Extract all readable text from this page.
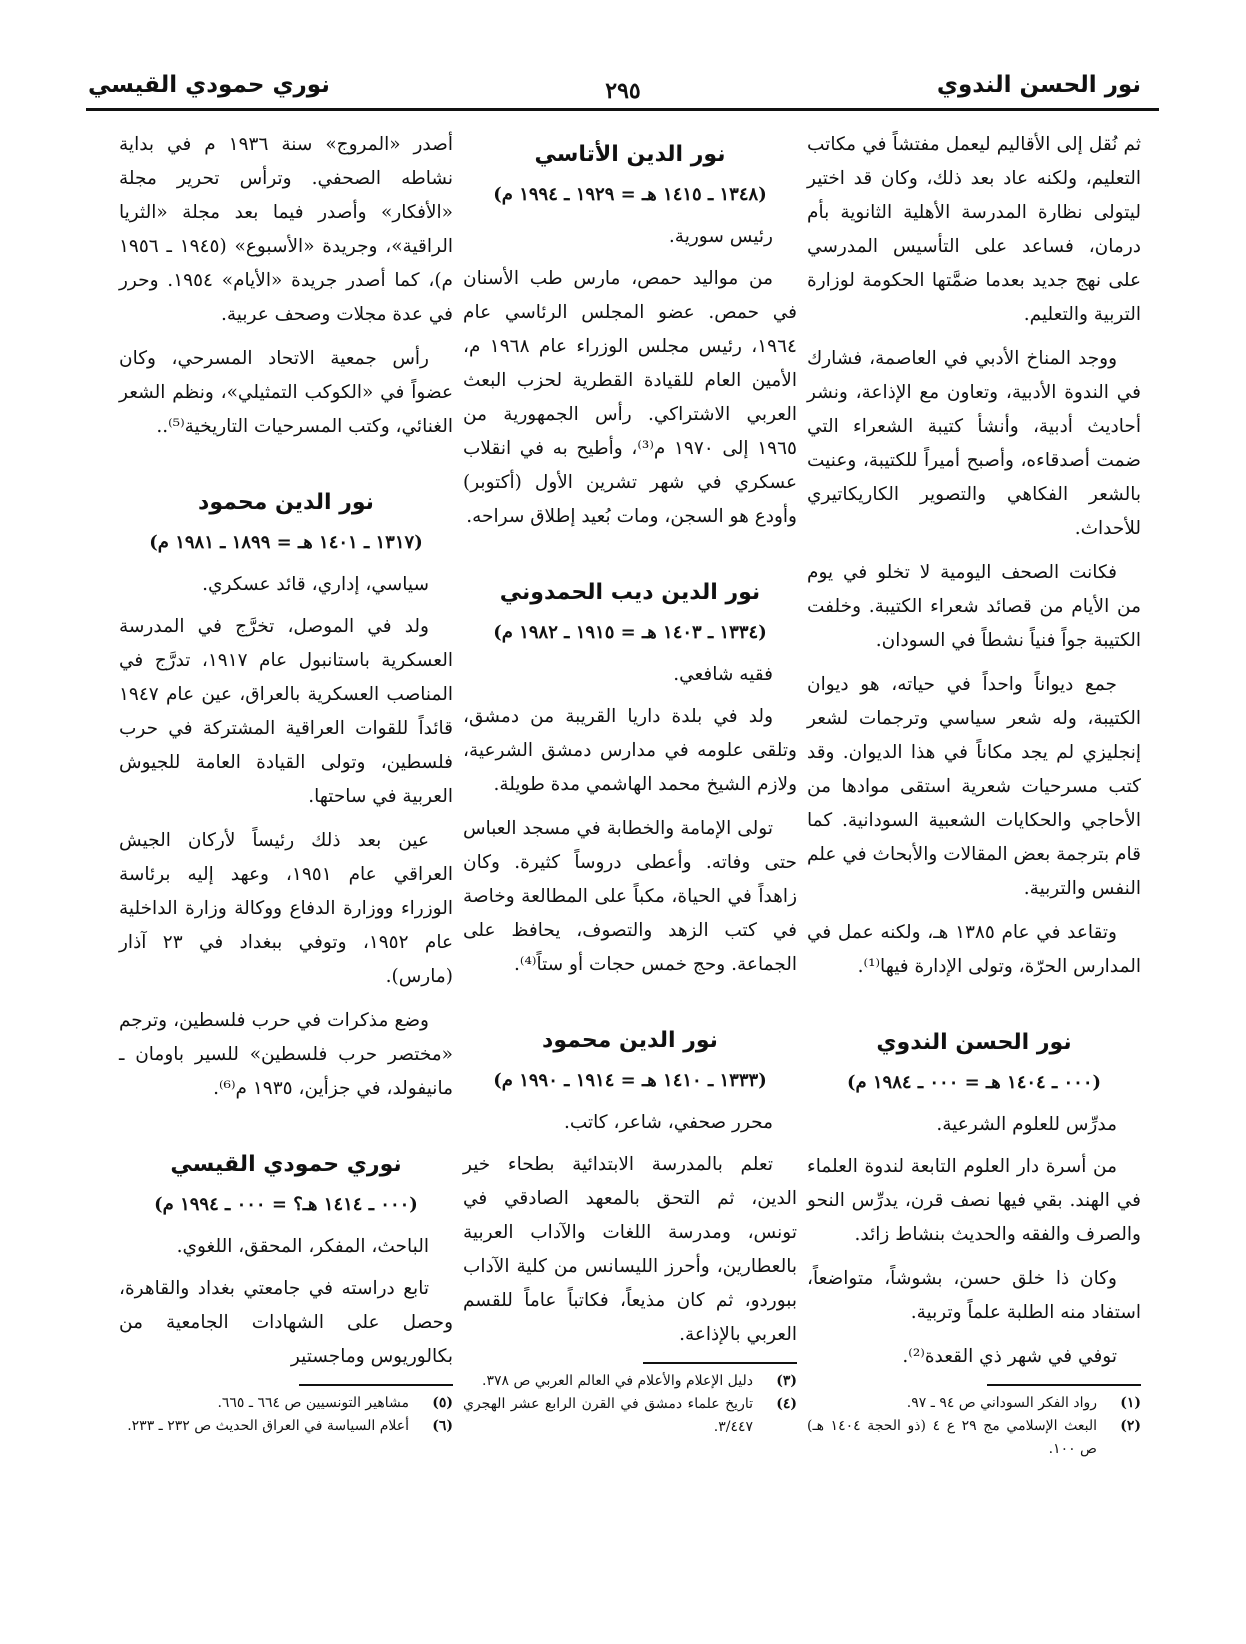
نور الحسن الندوي
٢٩٥
نوري حمودي القيسي

ثم نُقل إلى الأقاليم ليعمل مفتشاً في مكاتب التعليم، ولكنه عاد بعد ذلك، وكان قد اختير ليتولى نظارة المدرسة الأهلية الثانوية بأم درمان، فساعد على التأسيس المدرسي على نهج جديد بعدما ضمَّتها الحكومة لوزارة التربية والتعليم.

ووجد المناخ الأدبي في العاصمة، فشارك في الندوة الأدبية، وتعاون مع الإذاعة، ونشر أحاديث أدبية، وأنشأ كتيبة الشعراء التي ضمت أصدقاءه، وأصبح أميراً للكتيبة، وعنيت بالشعر الفكاهي والتصوير الكاريكاتيري للأحداث.

فكانت الصحف اليومية لا تخلو في يوم من الأيام من قصائد شعراء الكتيبة. وخلفت الكتيبة جواً فنياً نشطاً في السودان.

جمع ديواناً واحداً في حياته، هو ديوان الكتيبة، وله شعر سياسي وترجمات لشعر إنجليزي لم يجد مكاناً في هذا الديوان. وقد كتب مسرحيات شعرية استقى موادها من الأحاجي والحكايات الشعبية السودانية. كما قام بترجمة بعض المقالات والأبحاث في علم النفس والتربية.

وتقاعد في عام ١٣٨٥ هـ، ولكنه عمل في المدارس الحرّة، وتولى الإدارة فيها⁽¹⁾.

نور الحسن الندوي
(٠٠٠ ـ ١٤٠٤ هـ = ٠٠٠ ـ ١٩٨٤ م)

مدرِّس للعلوم الشرعية.

من أسرة دار العلوم التابعة لندوة العلماء في الهند. بقي فيها نصف قرن، يدرِّس النحو والصرف والفقه والحديث بنشاط زائد.

وكان ذا خلق حسن، بشوشاً، متواضعاً، استفاد منه الطلبة علماً وتربية.

توفي في شهر ذي القعدة⁽²⁾.

(١)
رواد الفكر السوداني ص ٩٤ ـ ٩٧.
(٢)
البعث الإسلامي مج ٢٩ ع ٤ (ذو الحجة ١٤٠٤ هـ) ص ١٠٠.
نور الدين الأتاسي
(١٣٤٨ ـ ١٤١٥ هـ = ١٩٢٩ ـ ١٩٩٤ م)

رئيس سورية.

من مواليد حمص، مارس طب الأسنان في حمص. عضو المجلس الرئاسي عام ١٩٦٤، رئيس مجلس الوزراء عام ١٩٦٨ م، الأمين العام للقيادة القطرية لحزب البعث العربي الاشتراكي. رأس الجمهورية من ١٩٦٥ إلى ١٩٧٠ م⁽³⁾، وأطيح به في انقلاب عسكري في شهر تشرين الأول (أكتوبر) وأودع هو السجن، ومات بُعيد إطلاق سراحه.

نور الدين ديب الحمدوني
(١٣٣٤ ـ ١٤٠٣ هـ = ١٩١٥ ـ ١٩٨٢ م)

فقيه شافعي.

ولد في بلدة داريا القريبة من دمشق، وتلقى علومه في مدارس دمشق الشرعية، ولازم الشيخ محمد الهاشمي مدة طويلة.

تولى الإمامة والخطابة في مسجد العباس حتى وفاته. وأعطى دروساً كثيرة. وكان زاهداً في الحياة، مكباً على المطالعة وخاصة في كتب الزهد والتصوف، يحافظ على الجماعة. وحج خمس حجات أو ستاً⁽⁴⁾.

نور الدين محمود
(١٣٣٣ ـ ١٤١٠ هـ = ١٩١٤ ـ ١٩٩٠ م)

محرر صحفي، شاعر، كاتب.

تعلم بالمدرسة الابتدائية بطحاء خير الدين، ثم التحق بالمعهد الصادقي في تونس، ومدرسة اللغات والآداب العربية بالعطارين، وأحرز الليسانس من كلية الآداب ببوردو، ثم كان مذيعاً، فكاتباً عاماً للقسم العربي بالإذاعة.

(٣)
دليل الإعلام والأعلام في العالم العربي ص ٣٧٨.
(٤)
تاريخ علماء دمشق في القرن الرابع عشر الهجري ٣/٤٤٧.

أصدر «المروج» سنة ١٩٣٦ م في بداية نشاطه الصحفي. وترأس تحرير مجلة «الأفكار» وأصدر فيما بعد مجلة «الثريا الراقية»، وجريدة «الأسبوع» (١٩٤٥ ـ ١٩٥٦ م)، كما أصدر جريدة «الأيام» ١٩٥٤. وحرر في عدة مجلات وصحف عربية.

رأس جمعية الاتحاد المسرحي، وكان عضواً في «الكوكب التمثيلي»، ونظم الشعر الغنائي، وكتب المسرحيات التاريخية⁽⁵⁾..

نور الدين محمود
(١٣١٧ ـ ١٤٠١ هـ = ١٨٩٩ ـ ١٩٨١ م)

سياسي، إداري، قائد عسكري.

ولد في الموصل، تخرَّج في المدرسة العسكرية باستانبول عام ١٩١٧، تدرَّج في المناصب العسكرية بالعراق، عين عام ١٩٤٧ قائداً للقوات العراقية المشتركة في حرب فلسطين، وتولى القيادة العامة للجيوش العربية في ساحتها.

عين بعد ذلك رئيساً لأركان الجيش العراقي عام ١٩٥١، وعهد إليه برئاسة الوزراء ووزارة الدفاع ووكالة وزارة الداخلية عام ١٩٥٢، وتوفي ببغداد في ٢٣ آذار (مارس).

وضع مذكرات في حرب فلسطين، وترجم «مختصر حرب فلسطين» للسير باومان ـ مانيفولد، في جزأين، ١٩٣٥ م⁽⁶⁾.

نوري حمودي القيسي
(٠٠٠ ـ ١٤١٤ هـ؟ = ٠٠٠ ـ ١٩٩٤ م)

الباحث، المفكر، المحقق، اللغوي.

تابع دراسته في جامعتي بغداد والقاهرة، وحصل على الشهادات الجامعية من بكالوريوس وماجستير

(٥)
مشاهير التونسيين ص ٦٦٤ ـ ٦٦٥.
(٦)
أعلام السياسة في العراق الحديث ص ٢٣٢ ـ ٢٣٣.
